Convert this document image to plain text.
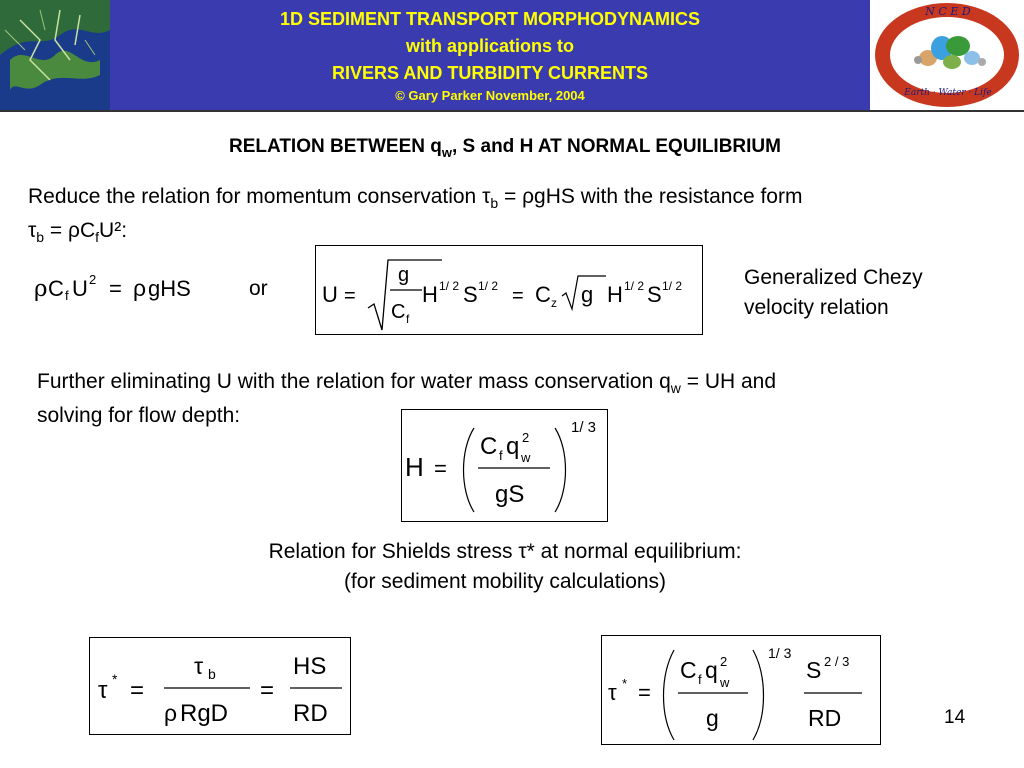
1D SEDIMENT TRANSPORT MORPHODYNAMICS
with applications to
RIVERS AND TURBIDITY CURRENTS
© Gary Parker November, 2004
N C E D
Earth · Water · Life
RELATION BETWEEN $q_w$, S and H AT NORMAL EQUILIBRIUM
Reduce the relation for momentum conservation $\tau_b = \rho gHS$ with the resistance form
$\tau_b = \rho C_fU^2$:
ρ C f U 2 = ρ gHS	or U =
g
C f
H 1/ 2 S 1/ 2 = C z g H 1/ 2 S 1/ 2	Generalized Chezy
velocity relation
Further eliminating U with the relation for water mass conservation $q_w$ = UH and
solving for flow depth:
H =
C f q 2
w
gS
1/ 3
Relation for Shields stress τ* at normal equilibrium:
(for sediment mobility calculations)
τ * =
τ b
ρ RgD
=
HS
RD
τ * =
C f q 2
w
g
1/ 3
S 2 / 3
RD	14
